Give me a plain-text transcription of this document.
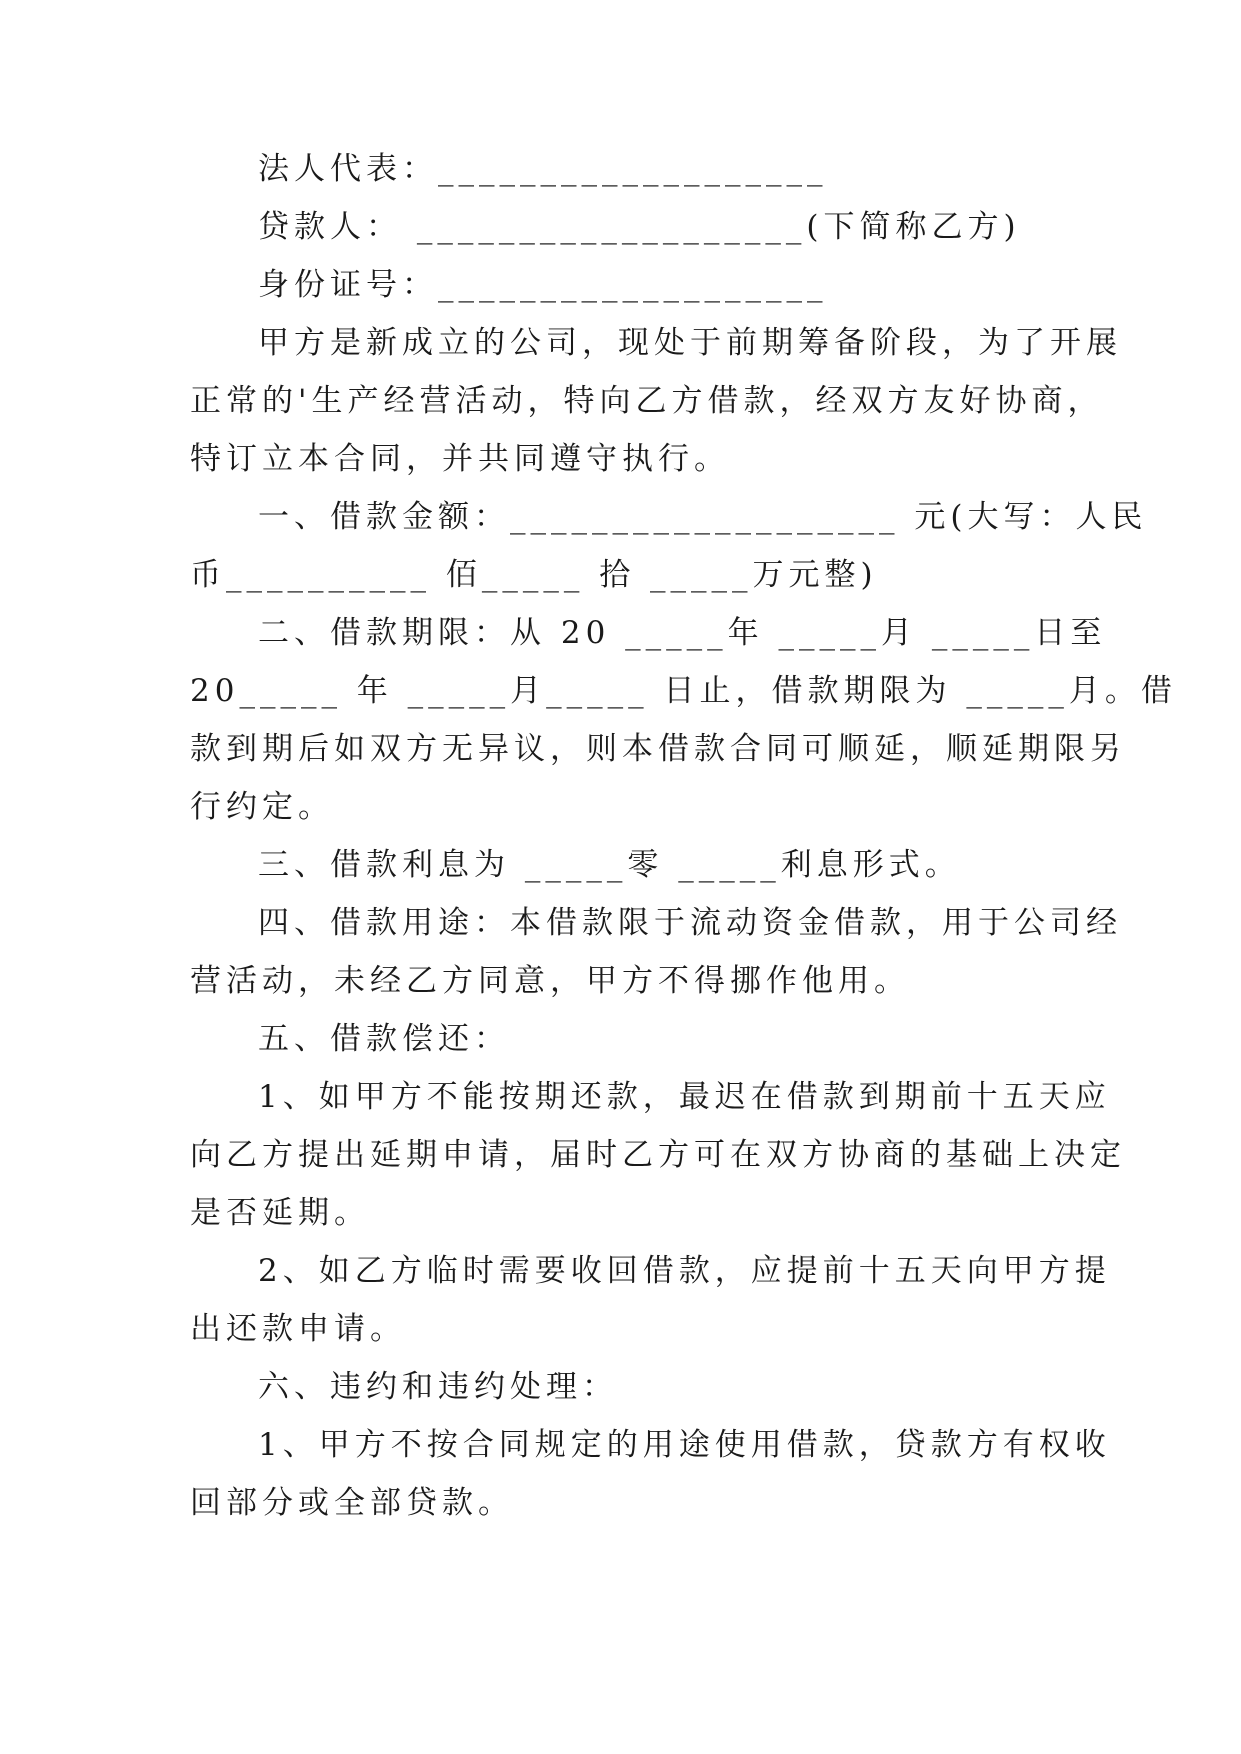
法人代表：___________________
贷款人： ___________________(下简称乙方)
身份证号：___________________
甲方是新成立的公司，现处于前期筹备阶段，为了开展
正常的'生产经营活动，特向乙方借款，经双方友好协商，
特订立本合同，并共同遵守执行。
一、借款金额：___________________ 元(大写：人民
币__________ 佰_____ 拾 _____万元整)
二、借款期限：从 20 _____年 _____月 _____日至
20_____ 年 _____月_____ 日止，借款期限为 _____月。借
款到期后如双方无异议，则本借款合同可顺延，顺延期限另
行约定。
三、借款利息为 _____零 _____利息形式。
四、借款用途：本借款限于流动资金借款，用于公司经
营活动，未经乙方同意，甲方不得挪作他用。
五、借款偿还：
1、如甲方不能按期还款，最迟在借款到期前十五天应
向乙方提出延期申请，届时乙方可在双方协商的基础上决定
是否延期。
2、如乙方临时需要收回借款，应提前十五天向甲方提
出还款申请。
六、违约和违约处理：
1、甲方不按合同规定的用途使用借款，贷款方有权收
回部分或全部贷款。
